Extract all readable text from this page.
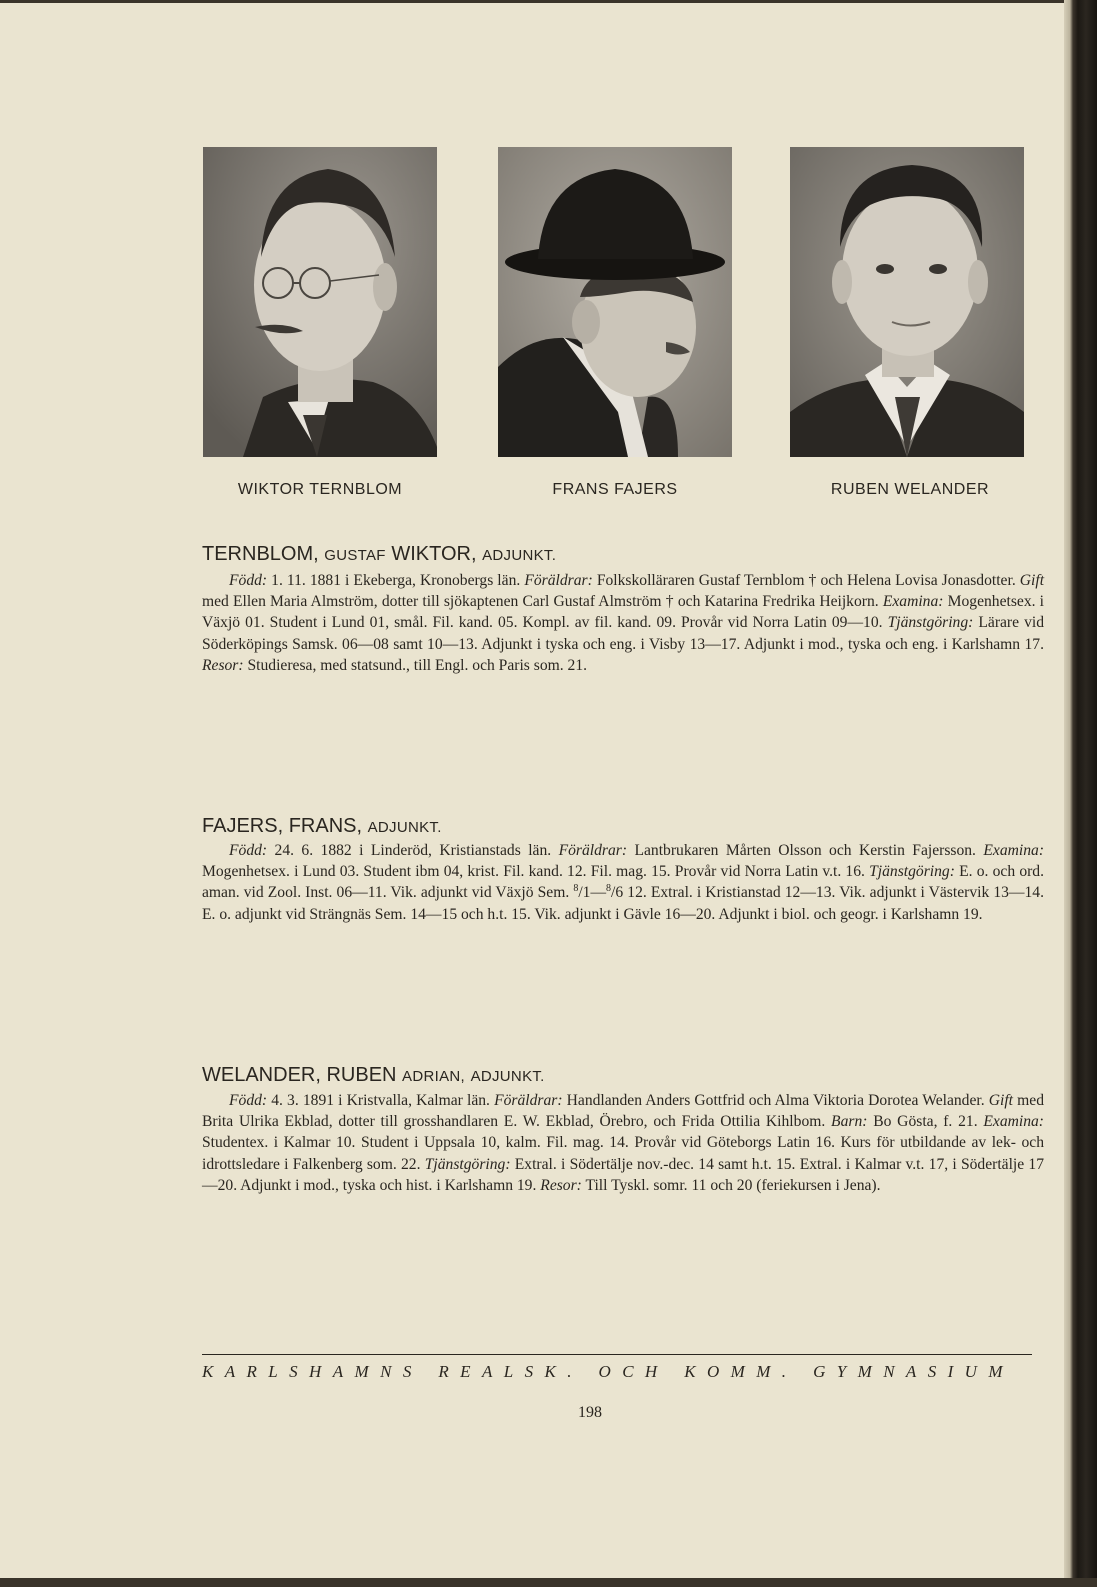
WIKTOR TERNBLOM	FRANS FAJERS	RUBEN WELANDER
TERNBLOM, GUSTAF WIKTOR, ADJUNKT.

Född: 1. 11. 1881 i Ekeberga, Kronobergs län. Föräldrar: Folkskolläraren Gustaf Ternblom † och Helena Lovisa Jonasdotter. Gift med Ellen Maria Almström, dotter till sjökaptenen Carl Gustaf Almström † och Katarina Fredrika Heijkorn. Examina: Mogenhetsex. i Växjö 01. Student i Lund 01, smål. Fil. kand. 05. Kompl. av fil. kand. 09. Provår vid Norra Latin 09—10. Tjänstgöring: Lärare vid Söderköpings Samsk. 06—08 samt 10—13. Adjunkt i tyska och eng. i Visby 13—17. Adjunkt i mod., tyska och eng. i Karlshamn 17. Resor: Studieresa, med statsund., till Engl. och Paris som. 21.

FAJERS, FRANS, ADJUNKT.

Född: 24. 6. 1882 i Linderöd, Kristianstads län. Föräldrar: Lantbrukaren Mårten Olsson och Kerstin Fajersson. Examina: Mogenhetsex. i Lund 03. Student ibm 04, krist. Fil. kand. 12. Fil. mag. 15. Provår vid Norra Latin v.t. 16. Tjänstgöring: E. o. och ord. aman. vid Zool. Inst. 06—11. Vik. adjunkt vid Växjö Sem. $^8$/1—$^8$/6 12. Extral. i Kristianstad 12—13. Vik. adjunkt i Västervik 13—14. E. o. adjunkt vid Strängnäs Sem. 14—15 och h.t. 15. Vik. adjunkt i Gävle 16—20. Adjunkt i biol. och geogr. i Karlshamn 19.

WELANDER, RUBEN ADRIAN, ADJUNKT.

Född: 4. 3. 1891 i Kristvalla, Kalmar län. Föräldrar: Handlanden Anders Gottfrid och Alma Viktoria Dorotea Welander. Gift med Brita Ulrika Ekblad, dotter till grosshandlaren E. W. Ekblad, Örebro, och Frida Ottilia Kihlbom. Barn: Bo Gösta, f. 21. Examina: Studentex. i Kalmar 10. Student i Uppsala 10, kalm. Fil. mag. 14. Provår vid Göteborgs Latin 16. Kurs för utbildande av lek- och idrottsledare i Falkenberg som. 22. Tjänstgöring: Extral. i Södertälje nov.-dec. 14 samt h.t. 15. Extral. i Kalmar v.t. 17, i Södertälje 17—20. Adjunkt i mod., tyska och hist. i Karlshamn 19. Resor: Till Tyskl. somr. 11 och 20 (feriekursen i Jena).

KARLSHAMNS REALSK. OCH KOMM. GYMNASIUM
198
